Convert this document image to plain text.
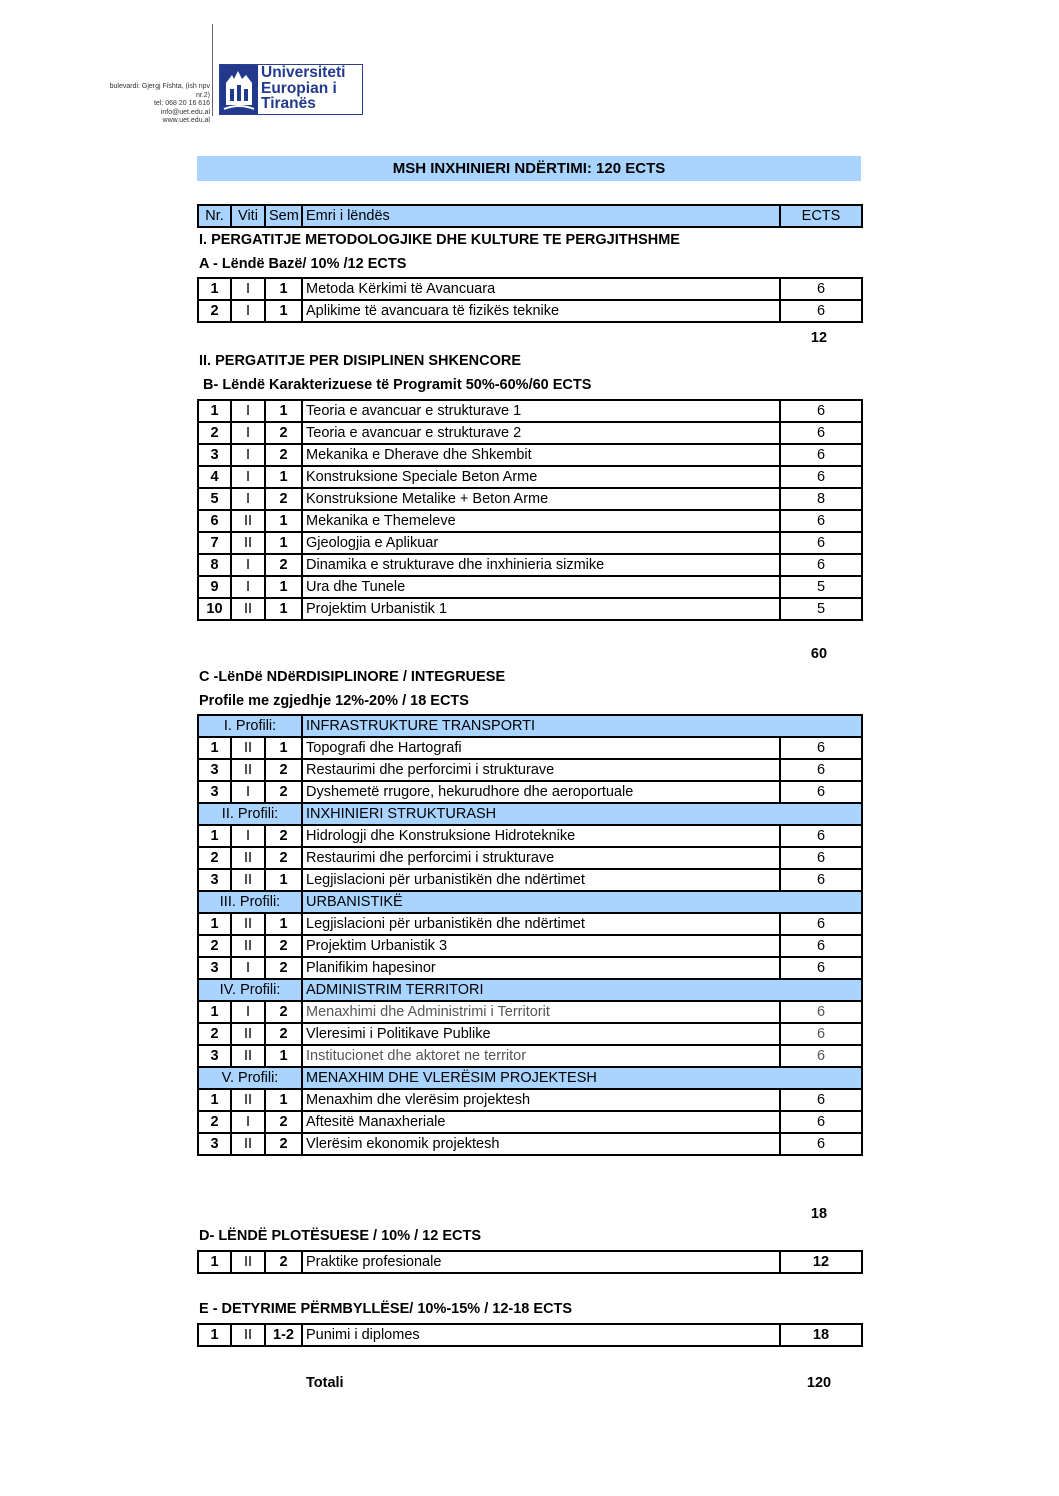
bulevardi: Gjergj Fishta, (ish npv nr.2)
tel: 068 20 16 616
info@uet.edu.al
www.uet.edu.al
Universiteti
Europian i
Tiranës
MSH INXHINIERI NDËRTIMI: 120 ECTS
Nr.	Viti	Sem	Emri i lëndës	ECTS
I. PERGATITJE METODOLOGJIKE DHE KULTURE TE PERGJITHSHME
A - Lëndë Bazë/ 10% /12 ECTS
1	I	1	Metoda Kërkimi të Avancuara	6
2	I	1	Aplikime të avancuara të fizikës teknike	6
12
II. PERGATITJE PER DISIPLINEN SHKENCORE
B- Lëndë Karakterizuese të Programit 50%-60%/60 ECTS
1	I	1	Teoria e avancuar e strukturave 1	6
2	I	2	Teoria e avancuar e strukturave 2	6
3	I	2	Mekanika e Dherave dhe Shkembit	6
4	I	1	Konstruksione Speciale Beton Arme	6
5	I	2	Konstruksione Metalike + Beton Arme	8
6	II	1	Mekanika e Themeleve	6
7	II	1	Gjeologjia e Aplikuar	6
8	I	2	Dinamika e strukturave dhe inxhinieria sizmike	6
9	I	1	Ura dhe Tunele	5
10	II	1	Projektim Urbanistik 1	5
60
C -LënDë NDëRDISIPLINORE / INTEGRUESE
Profile me zgjedhje 12%-20% / 18 ECTS
I. Profili:			INFRASTRUKTURE TRANSPORTI	
1	II	1	Topografi dhe Hartografi	6
3	II	2	Restaurimi dhe perforcimi i strukturave	6
3	I	2	Dyshemetë rrugore, hekurudhore dhe aeroportuale	6
II. Profili:			INXHINIERI STRUKTURASH	
1	I	2	Hidrologji dhe Konstruksione Hidroteknike	6
2	II	2	Restaurimi dhe perforcimi i strukturave	6
3	II	1	Legjislacioni për urbanistikën dhe ndërtimet	6
III. Profili:			URBANISTIKË	
1	II	1	Legjislacioni për urbanistikën dhe ndërtimet	6
2	II	2	Projektim Urbanistik 3	6
3	I	2	Planifikim hapesinor	6
IV. Profili:			ADMINISTRIM TERRITORI	
1	I	2	Menaxhimi dhe Administrimi i Territorit	6
2	II	2	Vleresimi i Politikave Publike	6
3	II	1	Institucionet dhe aktoret ne territor	6
V. Profili:			MENAXHIM DHE VLERËSIM PROJEKTESH	
1	II	1	Menaxhim dhe vlerësim projektesh	6
2	I	2	Aftesitë Manaxheriale	6
3	II	2	Vlerësim ekonomik projektesh	6
18
D- LËNDË PLOTËSUESE / 10% / 12 ECTS
1	II	2	Praktike profesionale	12
E - DETYRIME PËRMBYLLËSE/ 10%-15% / 12-18 ECTS
1	II	1-2	Punimi i diplomes	18
Totali	120
